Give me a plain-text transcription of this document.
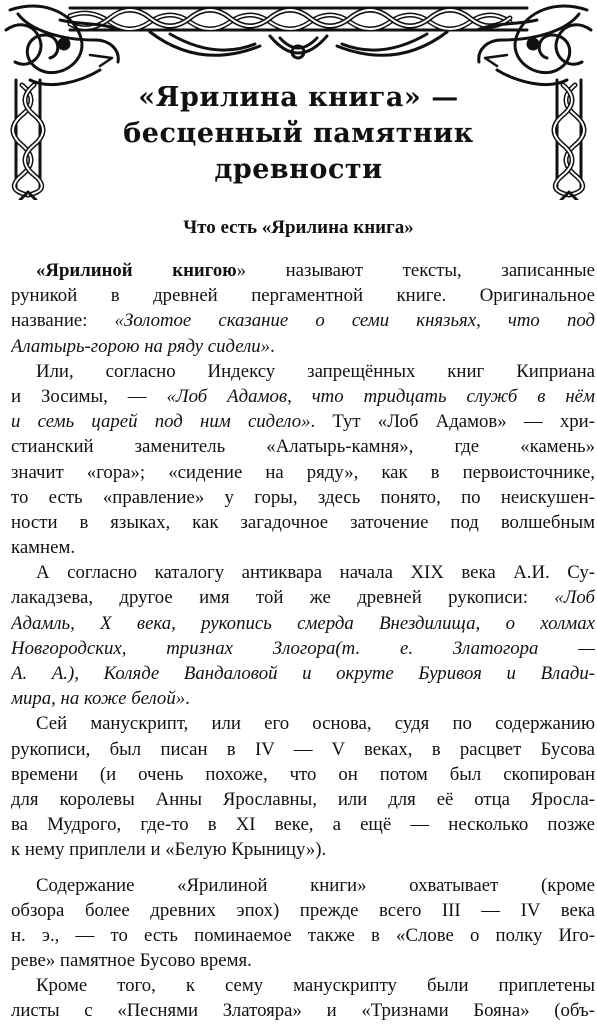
«Ярилина книга» —
бесценный памятник
древности
Что есть «Ярилина книга»
«Ярилиной книгою» называют тексты, записанные
руникой в древней пергаментной книге. Оригинальное
название: «Золотое сказание о семи князьях, что под
Алатырь-горою на ряду сидели».
Или, согласно Индексу запрещённых книг Киприана
и Зосимы, — «Лоб Адамов, что тридцать служб в нём
и семь царей под ним сидело». Тут «Лоб Адамов» — хри-
стианский заменитель «Алатырь-камня», где «камень»
значит «гора»; «сидение на ряду», как в первоисточнике,
то есть «правление» у горы, здесь понято, по неискушен-
ности в языках, как загадочное заточение под волшебным
камнем.
А согласно каталогу антиквара начала XIX века А.И. Су-
лакадзева, другое имя той же древней рукописи: «Лоб
Адамль, X века, рукопись смерда Внездилища, о холмах
Новгородских, тризнах Злогора(т. е. Златогора —
А. А.), Коляде Вандаловой и окруте Буривоя и Влади-
мира, на коже белой».
Сей манускрипт, или его основа, судя по содержанию
рукописи, был писан в IV — V веках, в расцвет Бусова
времени (и очень похоже, что он потом был скопирован
для королевы Анны Ярославны, или для её отца Яросла-
ва Мудрого, где-то в XI веке, а ещё — несколько позже
к нему приплели и «Белую Крыницу»).
Содержание «Ярилиной книги» охватывает (кроме
обзора более древних эпох) прежде всего III — IV века
н. э., — то есть поминаемое также в «Слове о полку Иго-
реве» памятное Бусово время.
Кроме того, к сему манускрипту были приплетены
листы с «Песнями Златояра» и «Тризнами Бояна» (объ-
